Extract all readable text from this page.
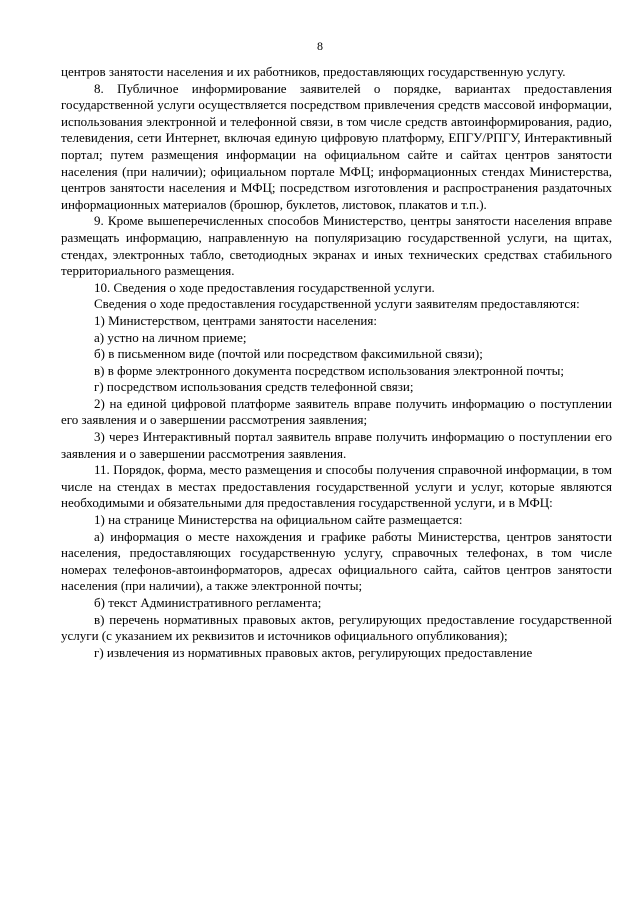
8

центров занятости населения и их работников, предоставляющих государственную услугу.

8. Публичное информирование заявителей о порядке, вариантах предоставления государственной услуги осуществляется посредством привлечения средств массовой информации, использования электронной и телефонной связи, в том числе средств автоинформирования, радио, телевидения, сети Интернет, включая единую цифровую платформу, ЕПГУ/РПГУ, Интерактивный портал; путем размещения информации на официальном сайте и сайтах центров занятости населения (при наличии); официальном портале МФЦ; информационных стендах Министерства, центров занятости населения и МФЦ; посредством изготовления и распространения раздаточных информационных материалов (брошюр, буклетов, листовок, плакатов и т.п.).

9. Кроме вышеперечисленных способов Министерство, центры занятости населения вправе размещать информацию, направленную на популяризацию государственной услуги, на щитах, стендах, электронных табло, светодиодных экранах и иных технических средствах стабильного территориального размещения.

10. Сведения о ходе предоставления государственной услуги.

Сведения о ходе предоставления государственной услуги заявителям предоставляются:

1) Министерством, центрами занятости населения:

а) устно на личном приеме;

б) в письменном виде (почтой или посредством факсимильной связи);

в) в форме электронного документа посредством использования электронной почты;

г) посредством использования средств телефонной связи;

2) на единой цифровой платформе заявитель вправе получить информацию о поступлении его заявления и о завершении рассмотрения заявления;

3) через Интерактивный портал заявитель вправе получить информацию о поступлении его заявления и о завершении рассмотрения заявления.

11. Порядок, форма, место размещения и способы получения справочной информации, в том числе на стендах в местах предоставления государственной услуги и услуг, которые являются необходимыми и обязательными для предоставления государственной услуги, и в МФЦ:

1) на странице Министерства на официальном сайте размещается:

а) информация о месте нахождения и графике работы Министерства, центров занятости населения, предоставляющих государственную услугу, справочных телефонах, в том числе номерах телефонов-автоинформаторов, адресах официального сайта, сайтов центров занятости населения (при наличии), а также электронной почты;

б) текст Административного регламента;

в) перечень нормативных правовых актов, регулирующих предоставление государственной услуги (с указанием их реквизитов и источников официального опубликования);

г) извлечения из нормативных правовых актов, регулирующих предоставление
